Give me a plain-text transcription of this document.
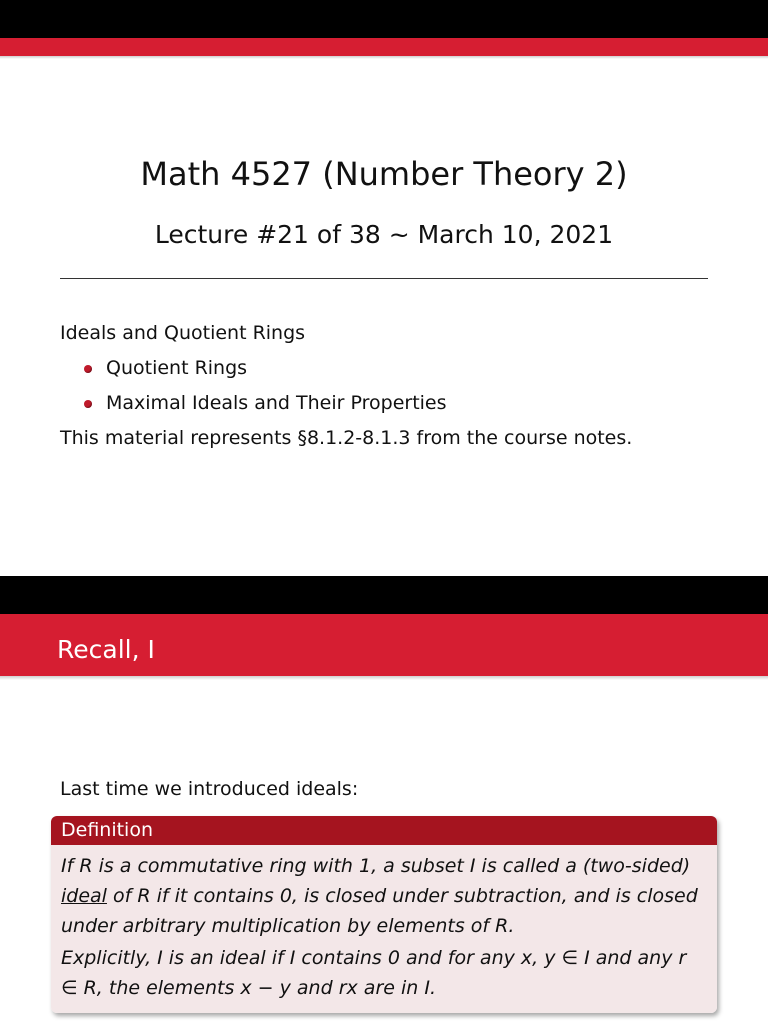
Math 4527 (Number Theory 2)
Lecture #21 of 38 ~ March 10, 2021
Ideals and Quotient Rings
Quotient Rings
Maximal Ideals and Their Properties
This material represents §8.1.2-8.1.3 from the course notes.
Recall, I
Last time we introduced ideals:
Definition

If R is a commutative ring with 1, a subset I is called a (two-sided) ideal of R if it contains 0, is closed under subtraction, and is closed under arbitrary multiplication by elements of R.

Explicitly, I is an ideal if I contains 0 and for any x, y ∈ I and any r ∈ R, the elements x − y and rx are in I.
